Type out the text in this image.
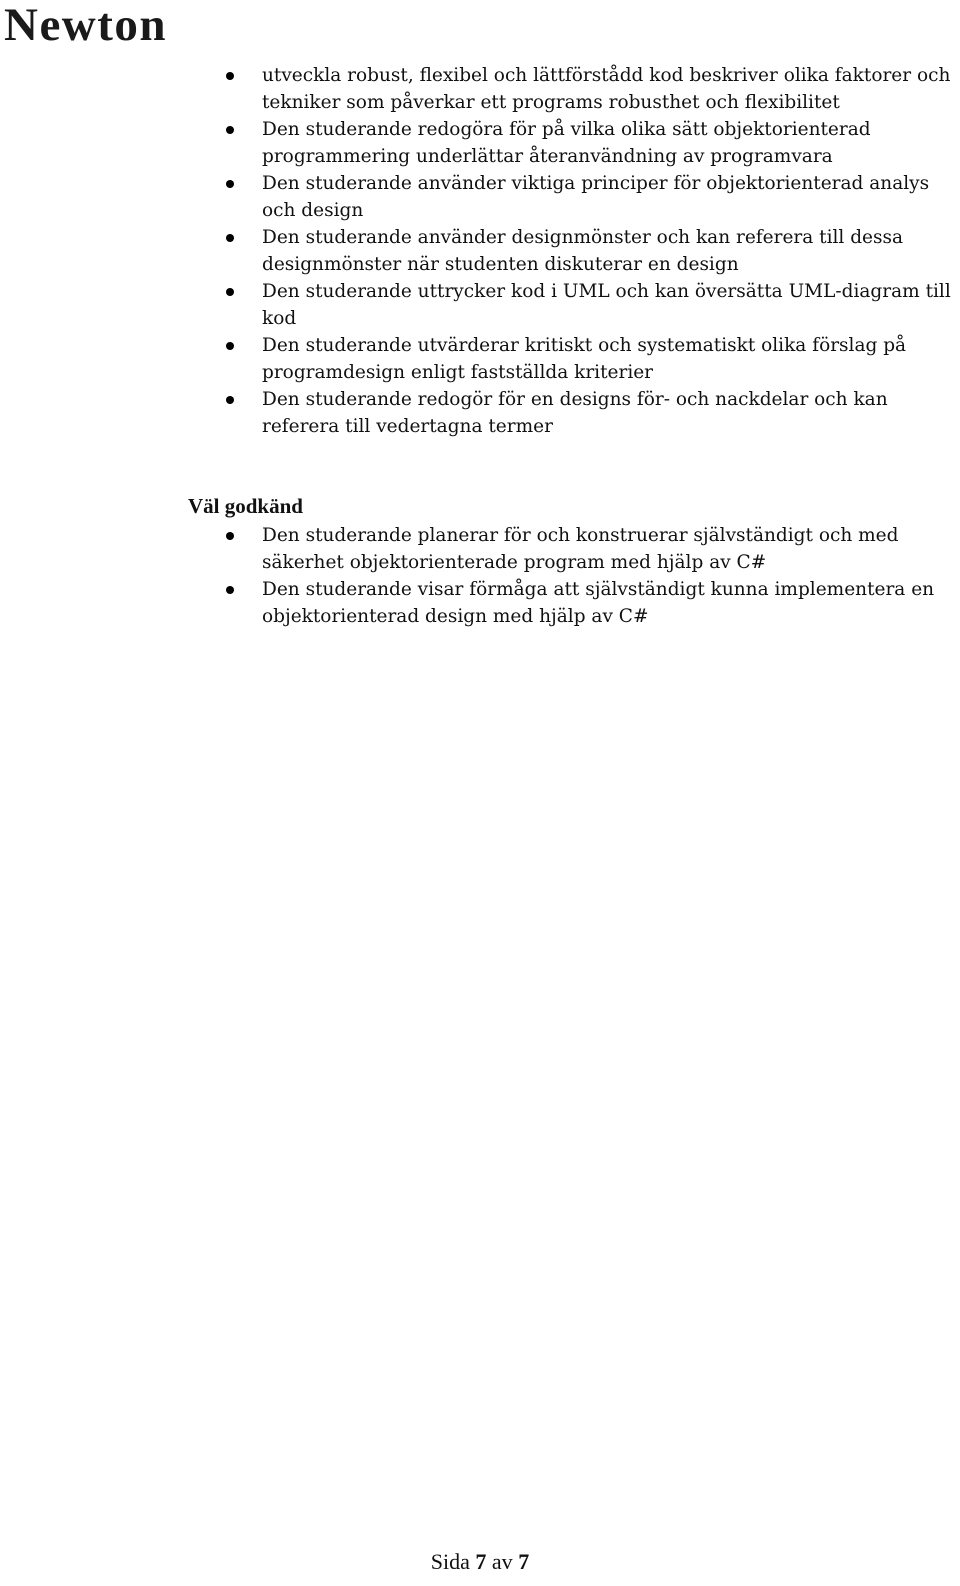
Newton
utveckla robust, flexibel och lättförstådd kod beskriver olika faktorer och tekniker som påverkar ett programs robusthet och flexibilitet
Den studerande redogöra för på vilka olika sätt objektorienterad programmering underlättar återanvändning av programvara
Den studerande använder viktiga principer för objektorienterad analys och design
Den studerande använder designmönster och kan referera till dessa designmönster när studenten diskuterar en design
Den studerande uttrycker kod i UML och kan översätta UML-diagram till kod
Den studerande utvärderar kritiskt och systematiskt olika förslag på programdesign enligt fastställda kriterier
Den studerande redogör för en designs för- och nackdelar och kan referera till vedertagna termer
Väl godkänd
Den studerande planerar för och konstruerar självständigt och med säkerhet objektorienterade program med hjälp av C#
Den studerande visar förmåga att självständigt kunna implementera en objektorienterad design med hjälp av C#
Sida 7 av 7
